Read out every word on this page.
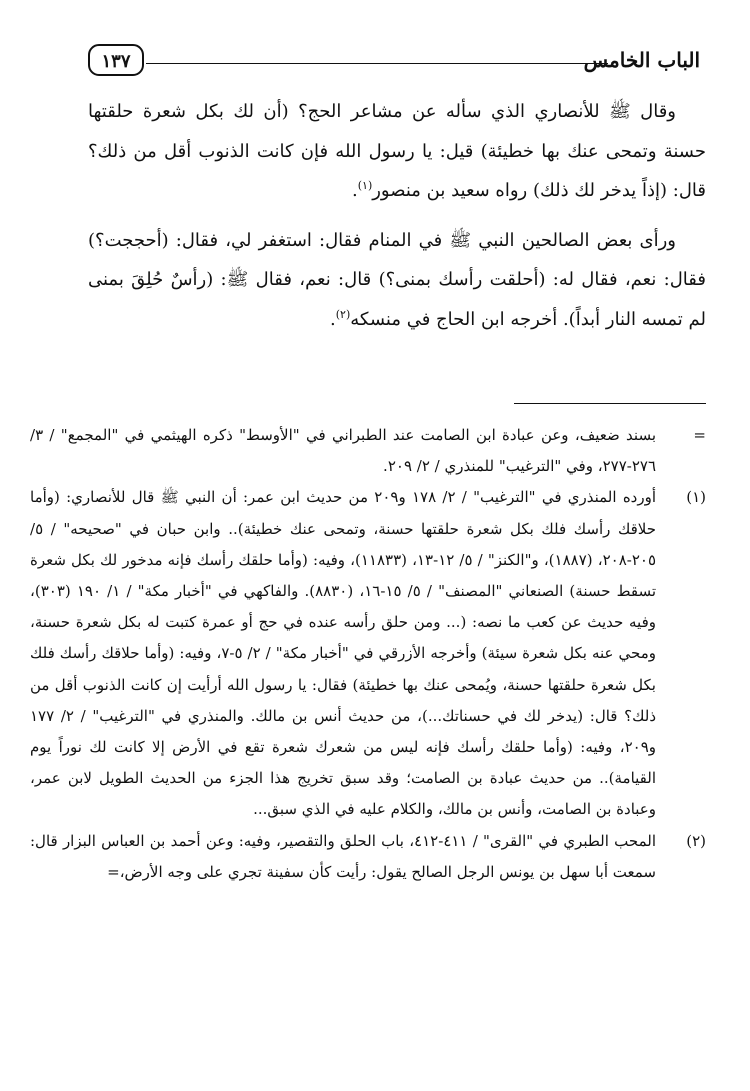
١٣٧	الباب الخامس

وقال ﷺ للأنصاري الذي سأله عن مشاعر الحج؟ (أن لك بكل شعرة حلقتها حسنة وتمحى عنك بها خطيئة) قيل: يا رسول الله فإن كانت الذنوب أقل من ذلك؟ قال: (إذاً يدخر لك ذلك) رواه سعيد بن منصور$^{(١)}$.

ورأى بعض الصالحين النبي ﷺ في المنام فقال: استغفر لي، فقال: (أحججت؟) فقال: نعم، فقال له: (أحلقت رأسك بمنى؟) قال: نعم، فقال ﷺ: (رأسٌ حُلِقَ بمنى لم تمسه النار أبداً). أخرجه ابن الحاج في منسكه$^{(٢)}$.

=
بسند ضعيف، وعن عبادة ابن الصامت عند الطبراني في "الأوسط" ذكره الهيثمي في "المجمع" / ٣/ ٢٧٦-٢٧٧، وفي "الترغيب" للمنذري / ٢/ ٢٠٩.
(١)
أورده المنذري في "الترغيب" / ٢/ ١٧٨ و٢٠٩ من حديث ابن عمر: أن النبي ﷺ قال للأنصاري: (وأما حلاقك رأسك فلك بكل شعرة حلقتها حسنة، وتمحى عنك خطيئة).. وابن حبان في "صحيحه" / ٥/ ٢٠٥-٢٠٨، (١٨٨٧)، و"الكنز" / ٥/ ١٢-١٣، (١١٨٣٣)، وفيه: (وأما حلقك رأسك فإنه مدخور لك بكل شعرة تسقط حسنة) الصنعاني "المصنف" / ٥/ ١٥-١٦، (٨٨٣٠). والفاكهي في "أخبار مكة" / ١/ ١٩٠ (٣٠٣)، وفيه حديث عن كعب ما نصه: (... ومن حلق رأسه عنده في حج أو عمرة كتبت له بكل شعرة حسنة، ومحي عنه بكل شعرة سيئة) وأخرجه الأزرقي في "أخبار مكة" / ٢/ ٥-٧، وفيه: (وأما حلاقك رأسك فلك بكل شعرة حلقتها حسنة، ويُمحى عنك بها خطيئة) فقال: يا رسول الله أرأيت إن كانت الذنوب أقل من ذلك؟ قال: (يدخر لك في حسناتك...)، من حديث أنس بن مالك. والمنذري في "الترغيب" / ٢/ ١٧٧ و٢٠٩، وفيه: (وأما حلقك رأسك فإنه ليس من شعرك شعرة تقع في الأرض إلا كانت لك نوراً يوم القيامة).. من حديث عبادة بن الصامت؛ وقد سبق تخريج هذا الجزء من الحديث الطويل لابن عمر، وعبادة بن الصامت، وأنس بن مالك، والكلام عليه في الذي سبق...
(٢)
المحب الطبري في "القرى" / ٤١١-٤١٢، باب الحلق والتقصير، وفيه: وعن أحمد بن العباس البزار قال: سمعت أبا سهل بن يونس الرجل الصالح يقول: رأيت كأن سفينة تجري على وجه الأرض،=
